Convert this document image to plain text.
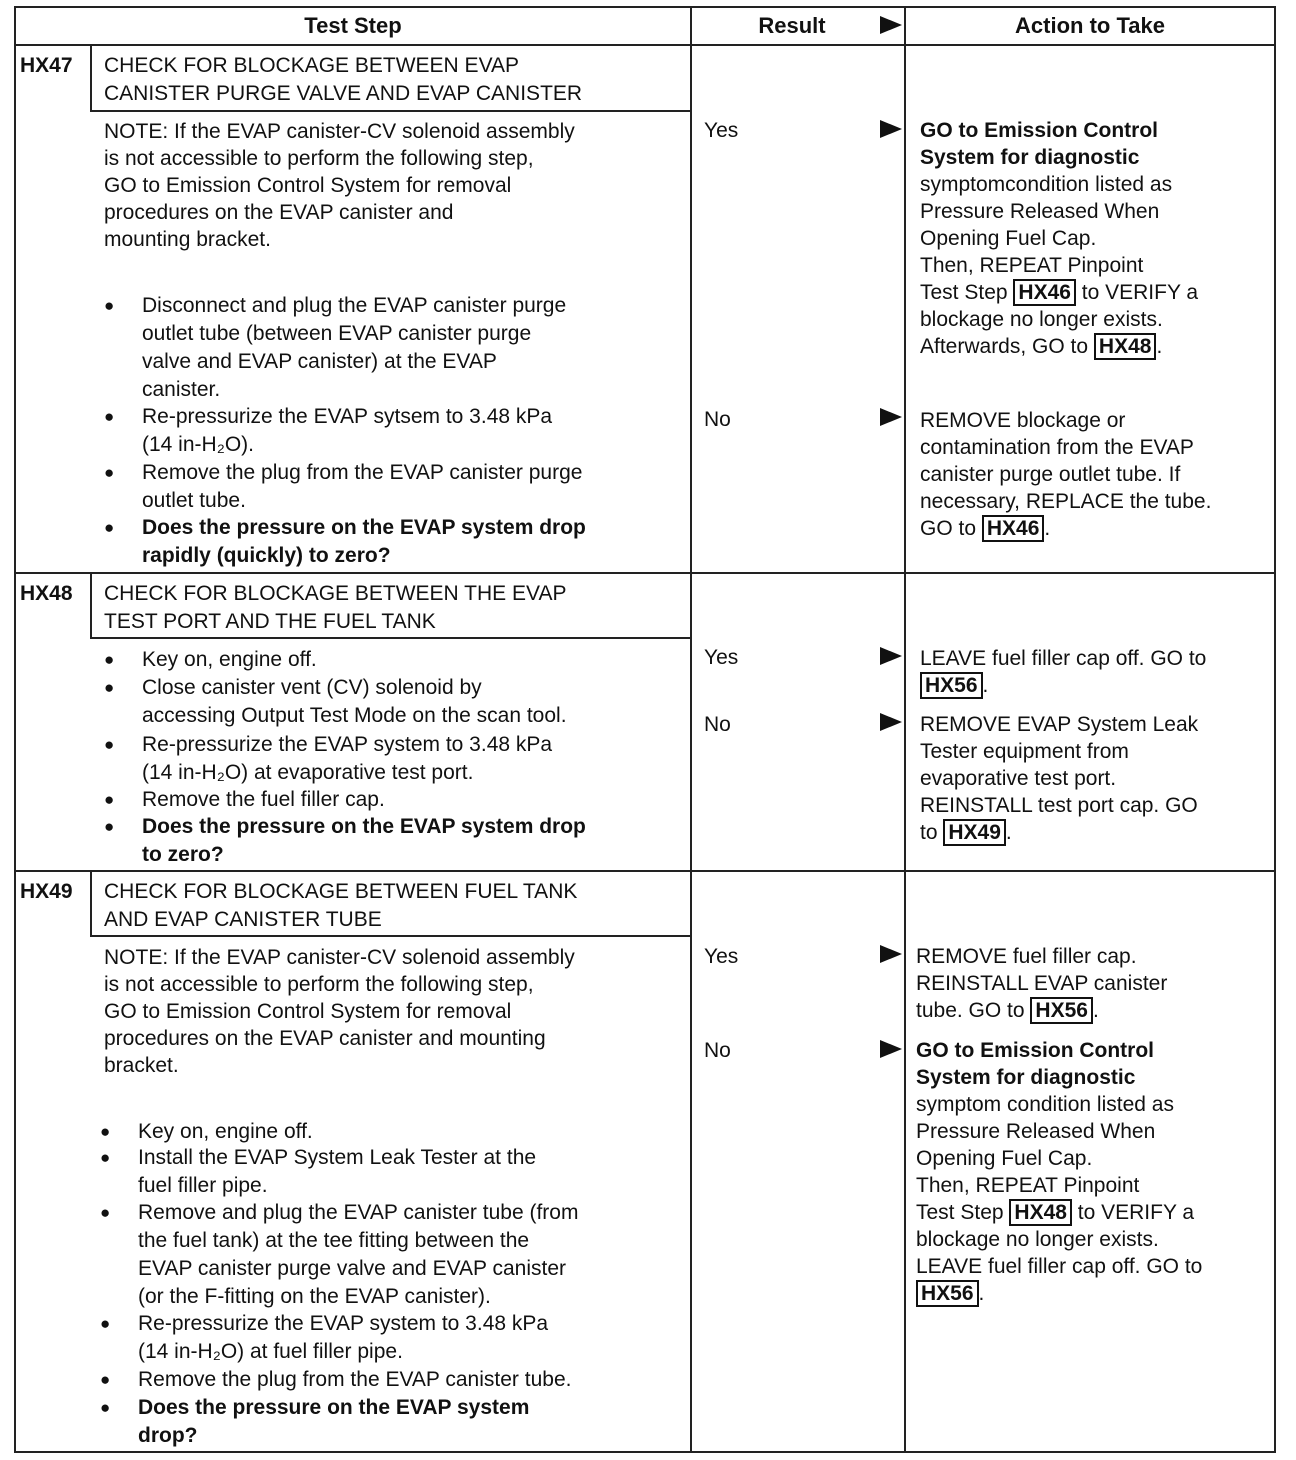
Test Step	Result	Action to Take
HX47 CHECK FOR BLOCKAGE BETWEEN EVAP
CANISTER PURGE VALVE AND EVAP CANISTER
NOTE: If the EVAP canister-CV solenoid assembly
is not accessible to perform the following step,
GO to Emission Control System for removal
procedures on the EVAP canister and
mounting bracket.
● Disconnect and plug the EVAP canister purge
outlet tube (between EVAP canister purge
valve and EVAP canister) at the EVAP
canister.
● Re-pressurize the EVAP sytsem to 3.48 kPa
(14 in-H₂O).
● Remove the plug from the EVAP canister purge
outlet tube.
● Does the pressure on the EVAP system drop
rapidly (quickly) to zero?
Yes
No
GO to Emission Control
System for diagnostic
symptomcondition listed as
Pressure Released When
Opening Fuel Cap.
Then, REPEAT Pinpoint
Test Step HX46 to VERIFY a
blockage no longer exists.
Afterwards, GO to HX48 .
REMOVE blockage or
contamination from the EVAP
canister purge outlet tube. If
necessary, REPLACE the tube.
GO to HX46 .
HX48 CHECK FOR BLOCKAGE BETWEEN THE EVAP
TEST PORT AND THE FUEL TANK
● Key on, engine off.
● Close canister vent (CV) solenoid by
accessing Output Test Mode on the scan tool.
● Re-pressurize the EVAP system to 3.48 kPa
(14 in-H₂O) at evaporative test port.
● Remove the fuel filler cap.
● Does the pressure on the EVAP system drop
to zero?
Yes
No
LEAVE fuel filler cap off. GO to
HX56 .
REMOVE EVAP System Leak
Tester equipment from
evaporative test port.
REINSTALL test port cap. GO
to HX49 .
HX49 CHECK FOR BLOCKAGE BETWEEN FUEL TANK
AND EVAP CANISTER TUBE
NOTE: If the EVAP canister-CV solenoid assembly
is not accessible to perform the following step,
GO to Emission Control System for removal
procedures on the EVAP canister and mounting
bracket.
● Key on, engine off.
● Install the EVAP System Leak Tester at the
fuel filler pipe.
● Remove and plug the EVAP canister tube (from
the fuel tank) at the tee fitting between the
EVAP canister purge valve and EVAP canister
(or the F-fitting on the EVAP canister).
● Re-pressurize the EVAP system to 3.48 kPa
(14 in-H₂O) at fuel filler pipe.
● Remove the plug from the EVAP canister tube.
● Does the pressure on the EVAP system
drop?
Yes
No
REMOVE fuel filler cap.
REINSTALL EVAP canister
tube. GO to HX56 .
GO to Emission Control
System for diagnostic
symptom condition listed as
Pressure Released When
Opening Fuel Cap.
Then, REPEAT Pinpoint
Test Step HX48 to VERIFY a
blockage no longer exists.
LEAVE fuel filler cap off. GO to
HX56 .
